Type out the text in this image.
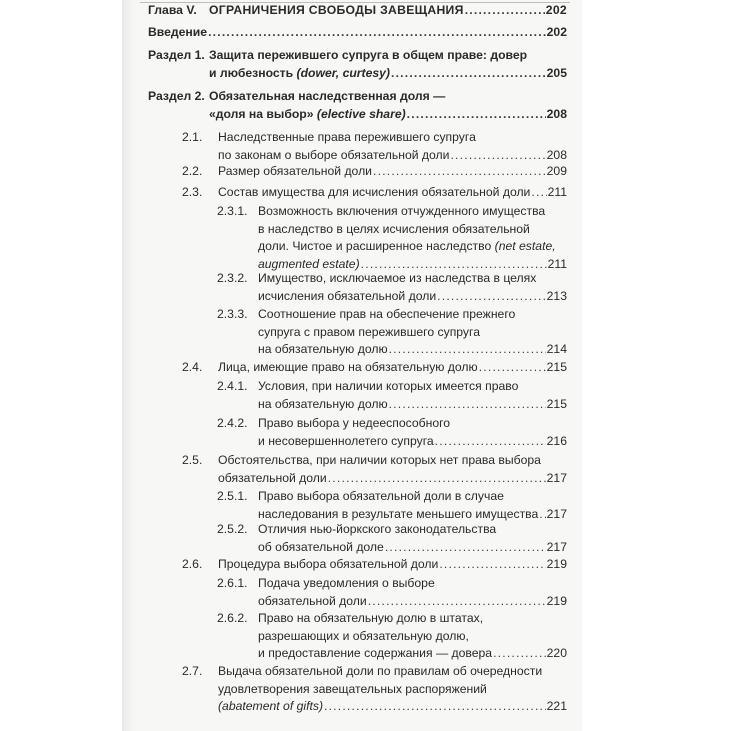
Глава V. ОГРАНИЧЕНИЯ СВОБОДЫ ЗАВЕЩАНИЯ .....	202
Введение .....	202
Раздел 1. Защита пережившего супруга в общем праве: довер
и любезность (dower, curtesy) .....	205
Раздел 2. Обязательная наследственная доля —
«доля на выбор» (elective share) .....	208
2.1. Наследственные права пережившего супруга
по законам о выборе обязательной доли .....	208
2.2. Размер обязательной доли .....	209
2.3. Состав имущества для исчисления обязательной доли ..... 211
2.3.1. Возможность включения отчужденного имущества
в наследство в целях исчисления обязательной
доли. Чистое и расширенное наследство (net estate,
augmented estate) .....	211
2.3.2. Имущество, исключаемое из наследства в целях
исчисления обязательной доли .....	213
2.3.3. Соотношение прав на обеспечение прежнего
супруга с правом пережившего супруга
на обязательную долю .....	214
2.4. Лица, имеющие право на обязательную долю .....	215
2.4.1. Условия, при наличии которых имеется право
на обязательную долю .....	215
2.4.2. Право выбора у недееспособного
и несовершеннолетего супруга .....	216
2.5. Обстоятельства, при наличии которых нет права выбора
обязательной доли .....	217
2.5.1. Право выбора обязательной доли в случае
наследования в результате меньшего имущества ..... 217
2.5.2. Отличия нью-йоркского законодательства
об обязательной доле .....	217
2.6. Процедура выбора обязательной доли .....	219
2.6.1. Подача уведомления о выборе
обязательной доли .....	219
2.6.2. Право на обязательную долю в штатах,
разрешающих и обязательную долю,
и предоставление содержания — довера .....	220
2.7. Выдача обязательной доли по правилам об очередности
удовлетворения завещательных распоряжений
(abatement of gifts) .....	221
